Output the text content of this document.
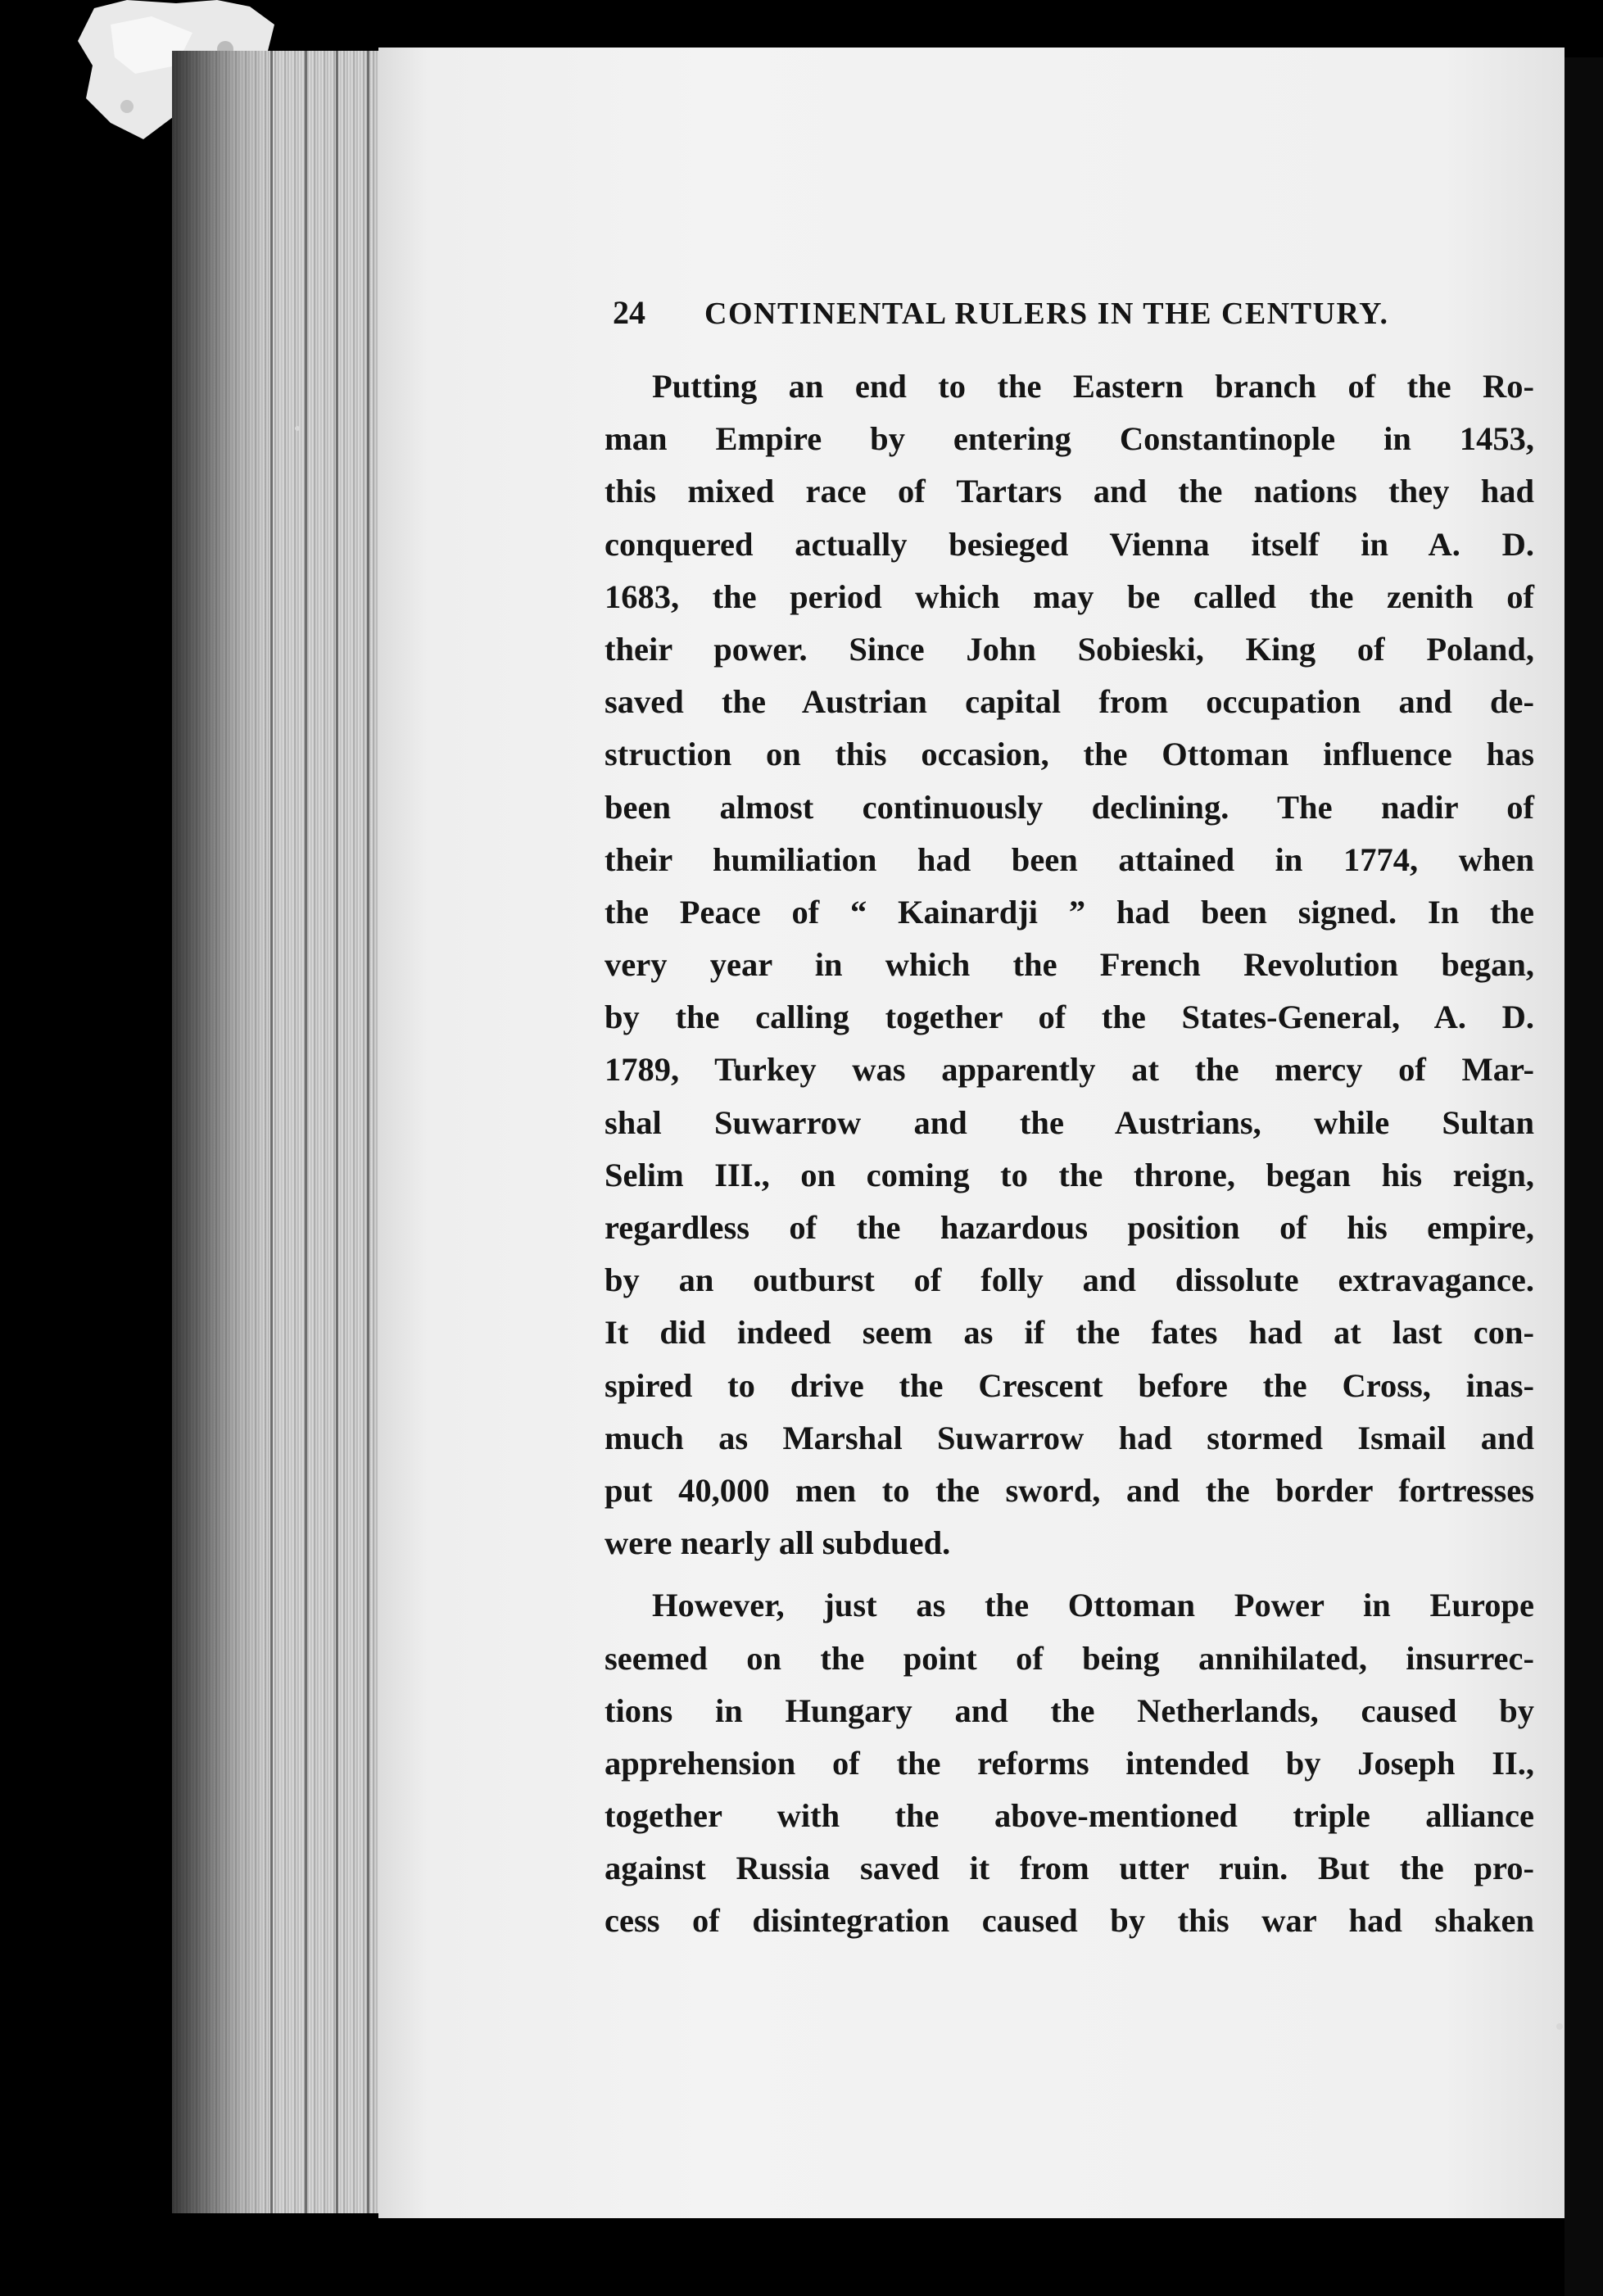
24 CONTINENTAL RULERS IN THE CENTURY.
Putting an end to the Eastern branch of the Ro-
man Empire by entering Constantinople in 1453,
this mixed race of Tartars and the nations they had
conquered actually besieged Vienna itself in A. D.
1683, the period which may be called the zenith of
their power. Since John Sobieski, King of Poland,
saved the Austrian capital from occupation and de-
struction on this occasion, the Ottoman influence has
been almost continuously declining. The nadir of
their humiliation had been attained in 1774, when
the Peace of “ Kainardji ” had been signed. In the
very year in which the French Revolution began,
by the calling together of the States-General, A. D.
1789, Turkey was apparently at the mercy of Mar-
shal Suwarrow and the Austrians, while Sultan
Selim III., on coming to the throne, began his reign,
regardless of the hazardous position of his empire,
by an outburst of folly and dissolute extravagance.
It did indeed seem as if the fates had at last con-
spired to drive the Crescent before the Cross, inas-
much as Marshal Suwarrow had stormed Ismail and
put 40,000 men to the sword, and the border fortresses
were nearly all subdued.
However, just as the Ottoman Power in Europe
seemed on the point of being annihilated, insurrec-
tions in Hungary and the Netherlands, caused by
apprehension of the reforms intended by Joseph II.,
together with the above-mentioned triple alliance
against Russia saved it from utter ruin. But the pro-
cess of disintegration caused by this war had shaken
